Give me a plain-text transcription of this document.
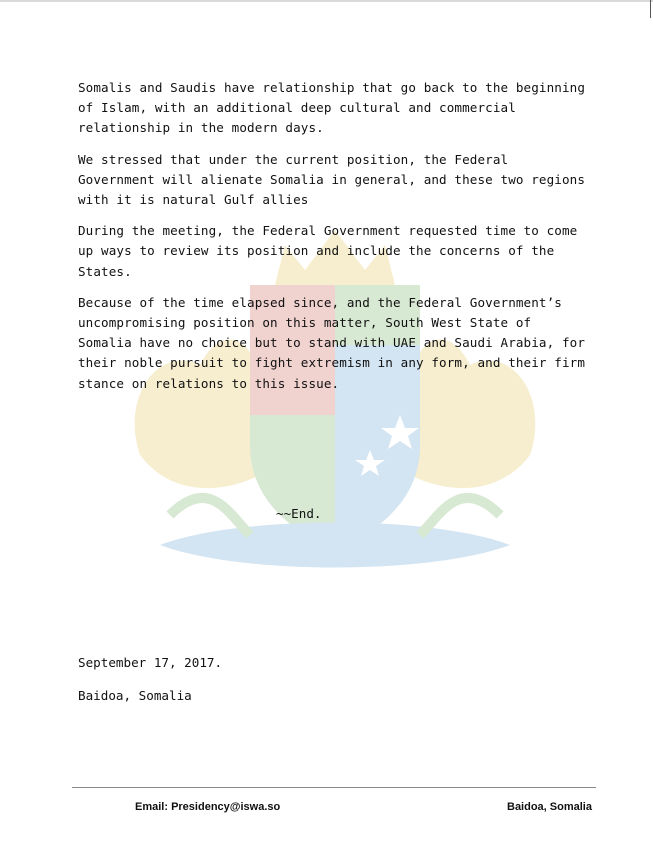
Somalis and Saudis have relationship that go back to the beginning
of Islam, with an additional deep cultural and commercial
relationship in the modern days.

We stressed that under the current position, the Federal
Government will alienate Somalia in general, and these two regions
with it is natural Gulf allies

During the meeting, the Federal Government requested time to come
up ways to review its position and include the concerns of the
States.

Because of the time elapsed since, and the Federal Government’s
uncompromising position on this matter, South West State of
Somalia have no choice but to stand with UAE and Saudi Arabia, for
their noble pursuit to fight extremism in any form, and their firm
stance on relations to this issue.

~~End.
September 17, 2017.
Baidoa, Somalia
Email: Presidency@iswa.so	Baidoa, Somalia
